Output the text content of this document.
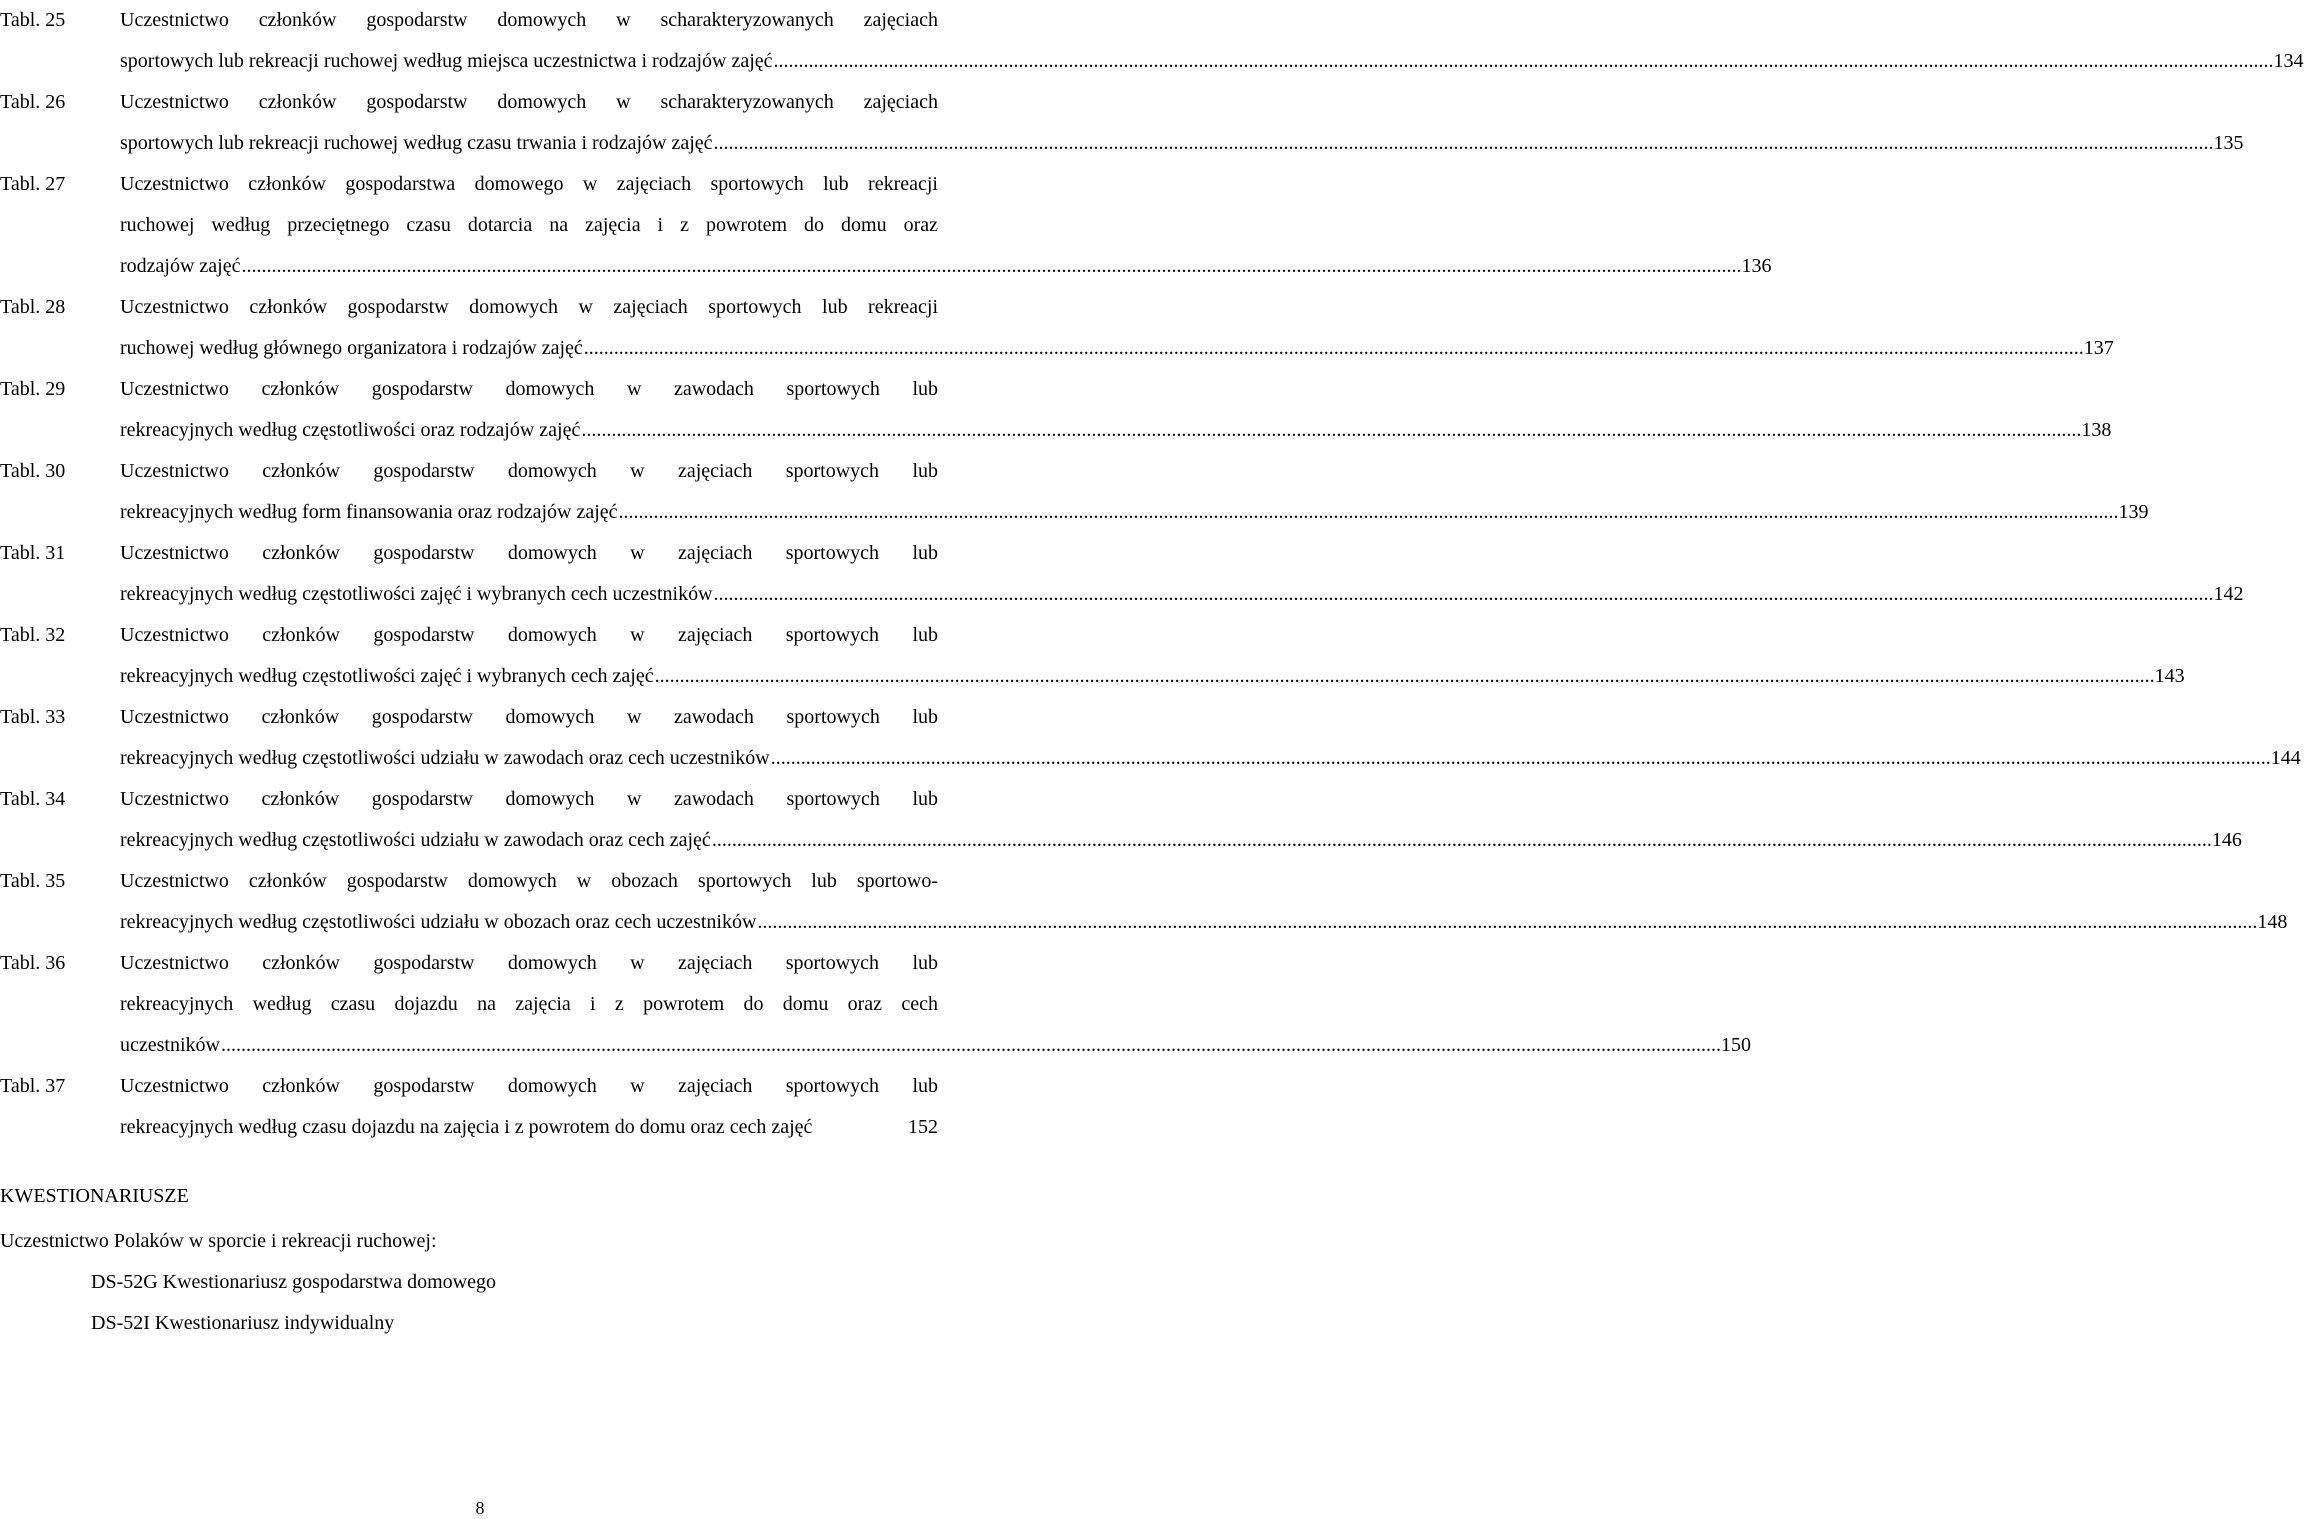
Tabl. 25	Uczestnictwo członków gospodarstw domowych w scharakteryzowanych zajęciach
sportowych lub rekreacji ruchowej według miejsca uczestnictwa i rodzajów zajęć ............................................................................................................................................................................................................................................................................................................ 134
Tabl. 26	Uczestnictwo członków gospodarstw domowych w scharakteryzowanych zajęciach
sportowych lub rekreacji ruchowej według czasu trwania i rodzajów zajęć ............................................................................................................................................................................................................................................................................................................ 135
Tabl. 27	Uczestnictwo członków gospodarstwa domowego w zajęciach sportowych lub rekreacji
ruchowej według przeciętnego czasu dotarcia na zajęcia i z powrotem do domu oraz
rodzajów zajęć ............................................................................................................................................................................................................................................................................................................ 136
Tabl. 28	Uczestnictwo członków gospodarstw domowych w zajęciach sportowych lub rekreacji
ruchowej według głównego organizatora i rodzajów zajęć ............................................................................................................................................................................................................................................................................................................ 137
Tabl. 29	Uczestnictwo członków gospodarstw domowych w zawodach sportowych lub
rekreacyjnych według częstotliwości oraz rodzajów zajęć ............................................................................................................................................................................................................................................................................................................ 138
Tabl. 30	Uczestnictwo członków gospodarstw domowych w zajęciach sportowych lub
rekreacyjnych według form finansowania oraz rodzajów zajęć ............................................................................................................................................................................................................................................................................................................ 139
Tabl. 31	Uczestnictwo członków gospodarstw domowych w zajęciach sportowych lub
rekreacyjnych według częstotliwości zajęć i wybranych cech uczestników ............................................................................................................................................................................................................................................................................................................ 142
Tabl. 32	Uczestnictwo członków gospodarstw domowych w zajęciach sportowych lub
rekreacyjnych według częstotliwości zajęć i wybranych cech zajęć ............................................................................................................................................................................................................................................................................................................ 143
Tabl. 33	Uczestnictwo członków gospodarstw domowych w zawodach sportowych lub
rekreacyjnych według częstotliwości udziału w zawodach oraz cech uczestników ............................................................................................................................................................................................................................................................................................................ 144
Tabl. 34	Uczestnictwo członków gospodarstw domowych w zawodach sportowych lub
rekreacyjnych według częstotliwości udziału w zawodach oraz cech zajęć ............................................................................................................................................................................................................................................................................................................ 146
Tabl. 35	Uczestnictwo członków gospodarstw domowych w obozach sportowych lub sportowo-
rekreacyjnych według częstotliwości udziału w obozach oraz cech uczestników ............................................................................................................................................................................................................................................................................................................ 148
Tabl. 36	Uczestnictwo członków gospodarstw domowych w zajęciach sportowych lub
rekreacyjnych według czasu dojazdu na zajęcia i z powrotem do domu oraz cech
uczestników ............................................................................................................................................................................................................................................................................................................ 150
Tabl. 37	Uczestnictwo członków gospodarstw domowych w zajęciach sportowych lub
rekreacyjnych według czasu dojazdu na zajęcia i z powrotem do domu oraz cech zajęć	152
KWESTIONARIUSZE
Uczestnictwo Polaków w sporcie i rekreacji ruchowej:
DS-52G Kwestionariusz gospodarstwa domowego
DS-52I Kwestionariusz indywidualny
8
